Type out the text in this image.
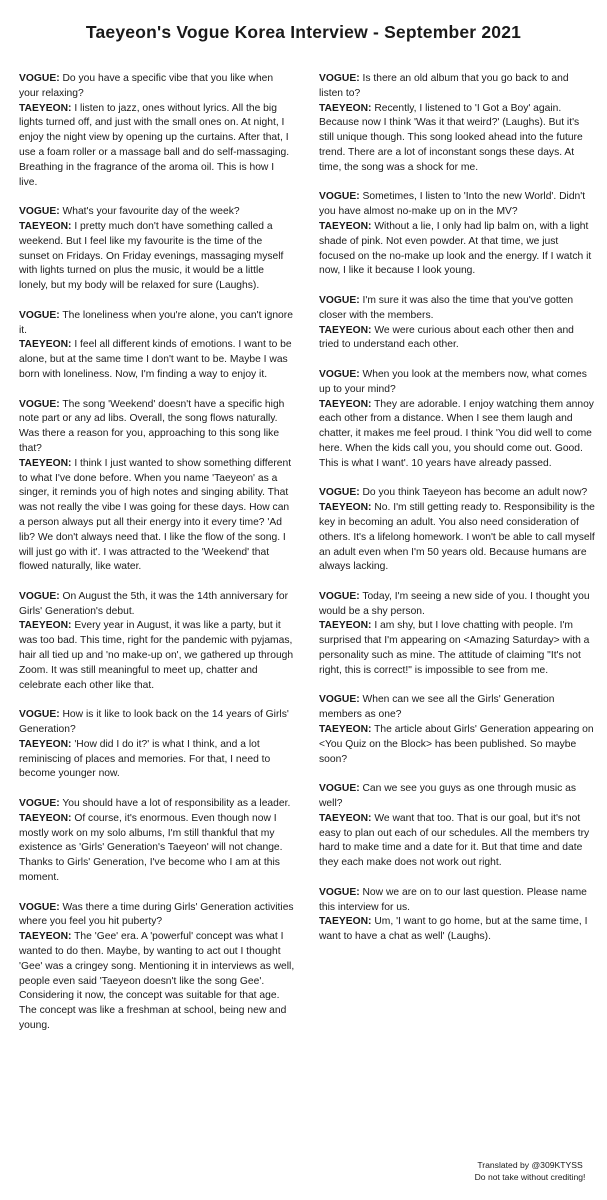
Taeyeon's Vogue Korea Interview - September 2021

VOGUE: Do you have a specific vibe that you like when your relaxing?

TAEYEON: I listen to jazz, ones without lyrics. All the big lights turned off, and just with the small ones on. At night, I enjoy the night view by opening up the curtains. After that, I use a foam roller or a massage ball and do self-massaging. Breathing in the fragrance of the aroma oil. This is how I live.

VOGUE: What's your favourite day of the week?

TAEYEON: I pretty much don't have something called a weekend. But I feel like my favourite is the time of the sunset on Fridays. On Friday evenings, massaging myself with lights turned on plus the music, it would be a little lonely, but my body will be relaxed for sure (Laughs).

VOGUE: The loneliness when you're alone, you can't ignore it.

TAEYEON: I feel all different kinds of emotions. I want to be alone, but at the same time I don't want to be. Maybe I was born with loneliness. Now, I'm finding a way to enjoy it.

VOGUE: The song 'Weekend' doesn't have a specific high note part or any ad libs. Overall, the song flows naturally. Was there a reason for you, approaching to this song like that?

TAEYEON: I think I just wanted to show something different to what I've done before. When you name 'Taeyeon' as a singer, it reminds you of high notes and singing ability. That was not really the vibe I was going for these days. How can a person always put all their energy into it every time? 'Ad lib? We don't always need that. I like the flow of the song. I will just go with it'. I was attracted to the 'Weekend' that flowed naturally, like water.

VOGUE: On August the 5th, it was the 14th anniversary for Girls' Generation's debut.

TAEYEON: Every year in August, it was like a party, but it was too bad. This time, right for the pandemic with pyjamas, hair all tied up and 'no make-up on', we gathered up through Zoom. It was still meaningful to meet up, chatter and celebrate each other like that.

VOGUE: How is it like to look back on the 14 years of Girls' Generation?

TAEYEON: 'How did I do it?' is what I think, and a lot reminiscing of places and memories. For that, I need to become younger now.

VOGUE: You should have a lot of responsibility as a leader.

TAEYEON: Of course, it's enormous. Even though now I mostly work on my solo albums, I'm still thankful that my existence as 'Girls' Generation's Taeyeon' will not change. Thanks to Girls' Generation, I've become who I am at this moment.

VOGUE: Was there a time during Girls' Generation activities where you feel you hit puberty?

TAEYEON: The 'Gee' era. A 'powerful' concept was what I wanted to do then. Maybe, by wanting to act out I thought 'Gee' was a cringey song. Mentioning it in interviews as well, people even said 'Taeyeon doesn't like the song Gee'. Considering it now, the concept was suitable for that age. The concept was like a freshman at school, being new and young.

VOGUE: Is there an old album that you go back to and listen to?

TAEYEON: Recently, I listened to 'I Got a Boy' again. Because now I think 'Was it that weird?' (Laughs). But it's still unique though. This song looked ahead into the future trend. There are a lot of inconstant songs these days. At time, the song was a shock for me.

VOGUE: Sometimes, I listen to 'Into the new World'. Didn't you have almost no-make up on in the MV?

TAEYEON: Without a lie, I only had lip balm on, with a light shade of pink. Not even powder. At that time, we just focused on the no-make up look and the energy. If I watch it now, I like it because I look young.

VOGUE: I'm sure it was also the time that you've gotten closer with the members.

TAEYEON: We were curious about each other then and tried to understand each other.

VOGUE: When you look at the members now, what comes up to your mind?

TAEYEON: They are adorable. I enjoy watching them annoy each other from a distance. When I see them laugh and chatter, it makes me feel proud. I think 'You did well to come here. When the kids call you, you should come out. Good. This is what I want'. 10 years have already passed.

VOGUE: Do you think Taeyeon has become an adult now?

TAEYEON: No. I'm still getting ready to. Responsibility is the key in becoming an adult. You also need consideration of others. It's a lifelong homework. I won't be able to call myself an adult even when I'm 50 years old. Because humans are always lacking.

VOGUE: Today, I'm seeing a new side of you. I thought you would be a shy person.

TAEYEON: I am shy, but I love chatting with people. I'm surprised that I'm appearing on <Amazing Saturday> with a personality such as mine. The attitude of claiming "It's not right, this is correct!" is impossible to see from me.

VOGUE: When can we see all the Girls' Generation members as one?

TAEYEON: The article about Girls' Generation appearing on <You Quiz on the Block> has been published. So maybe soon?

VOGUE: Can we see you guys as one through music as well?

TAEYEON: We want that too. That is our goal, but it's not easy to plan out each of our schedules. All the members try hard to make time and a date for it. But that time and date they each make does not work out right.

VOGUE: Now we are on to our last question. Please name this interview for us.

TAEYEON: Um, 'I want to go home, but at the same time, I want to have a chat as well' (Laughs).

Translated by @309KTYSS
Do not take without crediting!
